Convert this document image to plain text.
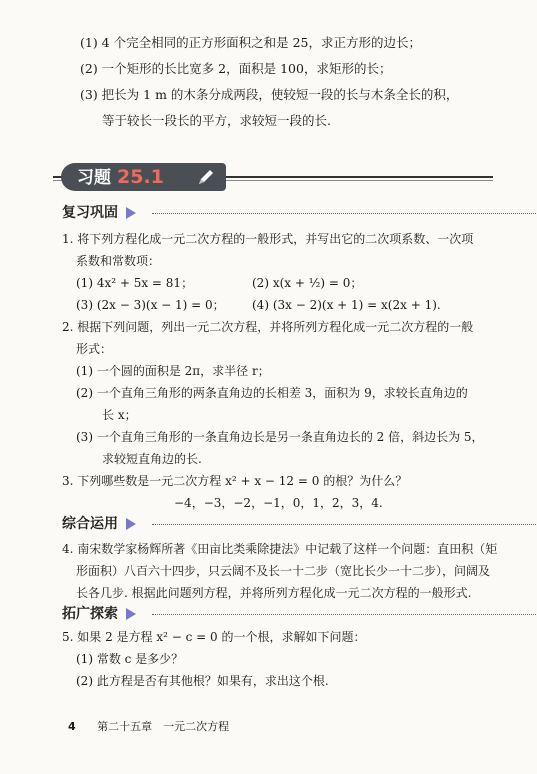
(1) 4 个完全相同的正方形面积之和是 25，求正方形的边长；
(2) 一个矩形的长比宽多 2，面积是 100，求矩形的长；
(3) 把长为 1 m 的木条分成两段，使较短一段的长与木条全长的积，
等于较长一段长的平方，求较短一段的长.
习题 25.1
复习巩固
1. 将下列方程化成一元二次方程的一般形式，并写出它的二次项系数、一次项
系数和常数项：
(1) 4x² + 5x = 81；	(2) x(x + ½) = 0；
(3) (2x − 3)(x − 1) = 0；	(4) (3x − 2)(x + 1) = x(2x + 1).
2. 根据下列问题，列出一元二次方程，并将所列方程化成一元二次方程的一般
形式：
(1) 一个圆的面积是 2π，求半径 r；
(2) 一个直角三角形的两条直角边的长相差 3，面积为 9，求较长直角边的
长 x；
(3) 一个直角三角形的一条直角边长是另一条直角边长的 2 倍，斜边长为 5，
求较短直角边的长.
3. 下列哪些数是一元二次方程 x² + x − 12 = 0 的根？为什么？
−4，−3，−2，−1，0，1，2，3，4.
综合运用
4. 南宋数学家杨辉所著《田亩比类乘除捷法》中记载了这样一个问题：直田积（矩
形面积）八百六十四步，只云阔不及长一十二步（宽比长少一十二步），问阔及
长各几步. 根据此问题列方程，并将所列方程化成一元二次方程的一般形式.
拓广探索
5. 如果 2 是方程 x² − c = 0 的一个根，求解如下问题：
(1) 常数 c 是多少？
(2) 此方程是否有其他根？如果有，求出这个根.
4 第二十五章　一元二次方程
